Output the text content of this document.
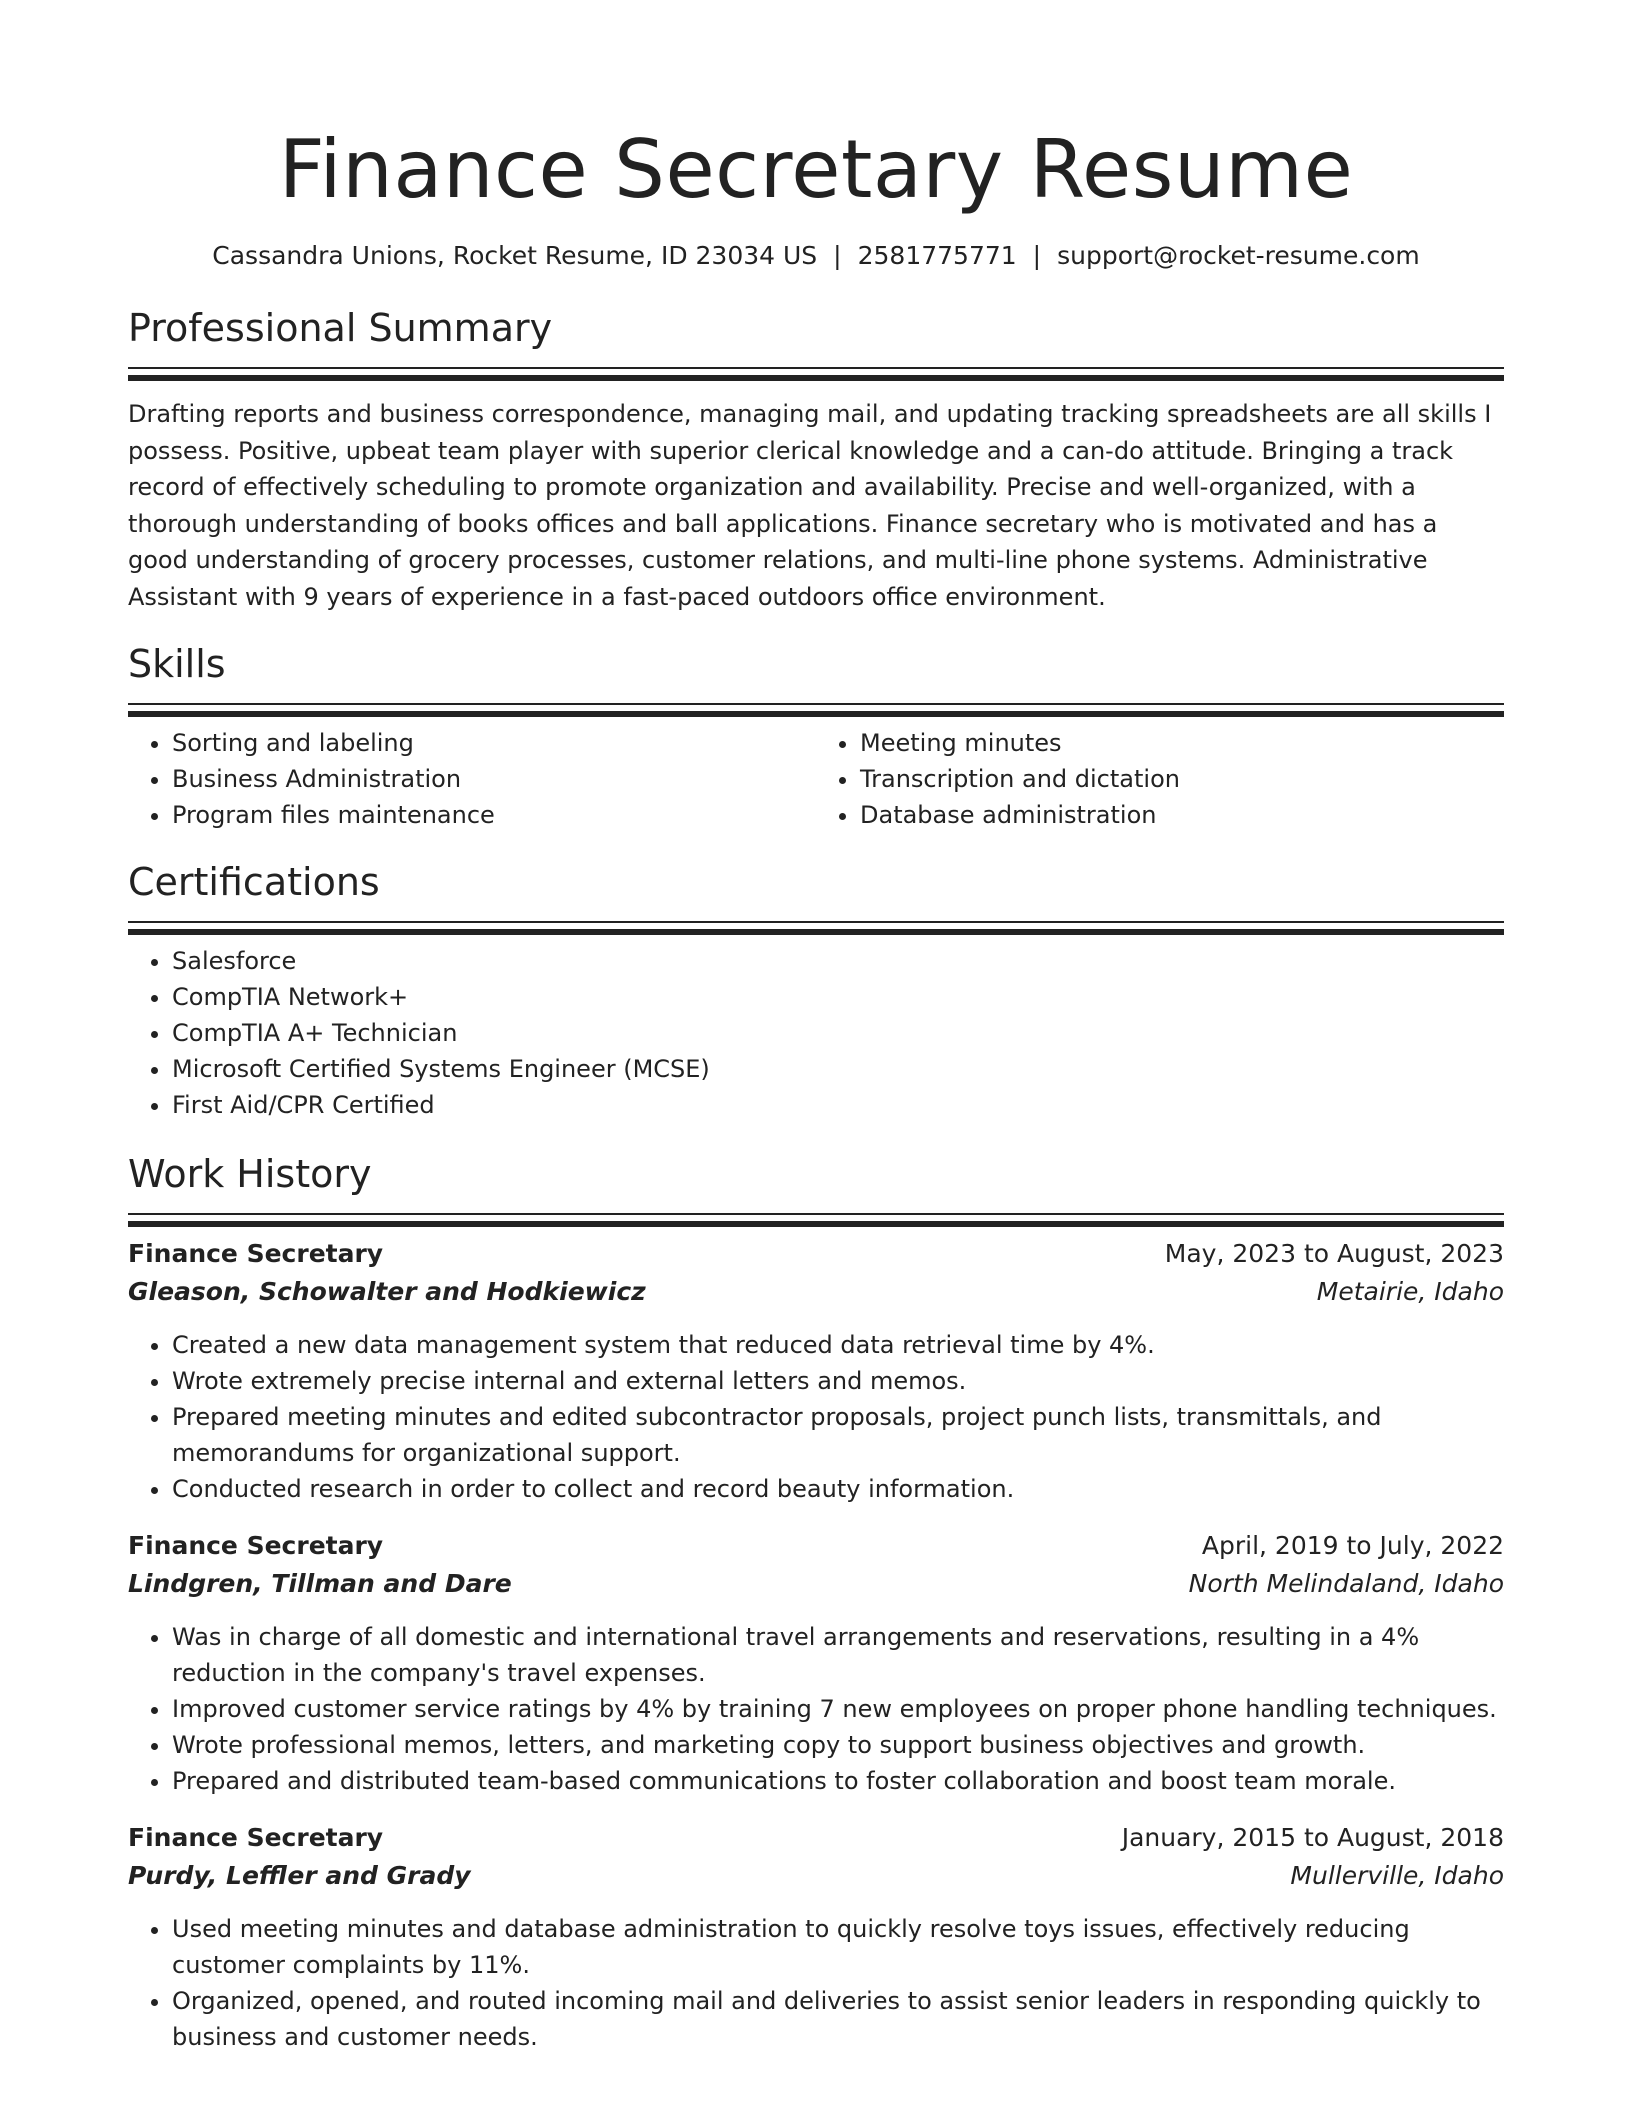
Finance Secretary Resume
Cassandra Unions, Rocket Resume, ID 23034 US | 2581775771 | support@rocket-resume.com
Professional Summary

Drafting reports and business correspondence, managing mail, and updating tracking spreadsheets are all skills I possess. Positive, upbeat team player with superior clerical knowledge and a can-do attitude. Bringing a track record of effectively scheduling to promote organization and availability. Precise and well-organized, with a thorough understanding of books offices and ball applications. Finance secretary who is motivated and has a good understanding of grocery processes, customer relations, and multi-line phone systems. Administrative Assistant with 9 years of experience in a fast-paced outdoors office environment.

Skills
• Sorting and labeling
• Business Administration
• Program files maintenance
• Meeting minutes
• Transcription and dictation
• Database administration
Certifications
• Salesforce
• CompTIA Network+
• CompTIA A+ Technician
• Microsoft Certified Systems Engineer (MCSE)
• First Aid/CPR Certified
Work History
Finance Secretary	May, 2023 to August, 2023
Gleason, Schowalter and Hodkiewicz	Metairie, Idaho
• Created a new data management system that reduced data retrieval time by 4%.
• Wrote extremely precise internal and external letters and memos.
• Prepared meeting minutes and edited subcontractor proposals, project punch lists, transmittals, and memorandums for organizational support.
• Conducted research in order to collect and record beauty information.
Finance Secretary	April, 2019 to July, 2022
Lindgren, Tillman and Dare	North Melindaland, Idaho
• Was in charge of all domestic and international travel arrangements and reservations, resulting in a 4% reduction in the company's travel expenses.
• Improved customer service ratings by 4% by training 7 new employees on proper phone handling techniques.
• Wrote professional memos, letters, and marketing copy to support business objectives and growth.
• Prepared and distributed team-based communications to foster collaboration and boost team morale.
Finance Secretary	January, 2015 to August, 2018
Purdy, Leffler and Grady	Mullerville, Idaho
• Used meeting minutes and database administration to quickly resolve toys issues, effectively reducing customer complaints by 11%.
• Organized, opened, and routed incoming mail and deliveries to assist senior leaders in responding quickly to business and customer needs.
